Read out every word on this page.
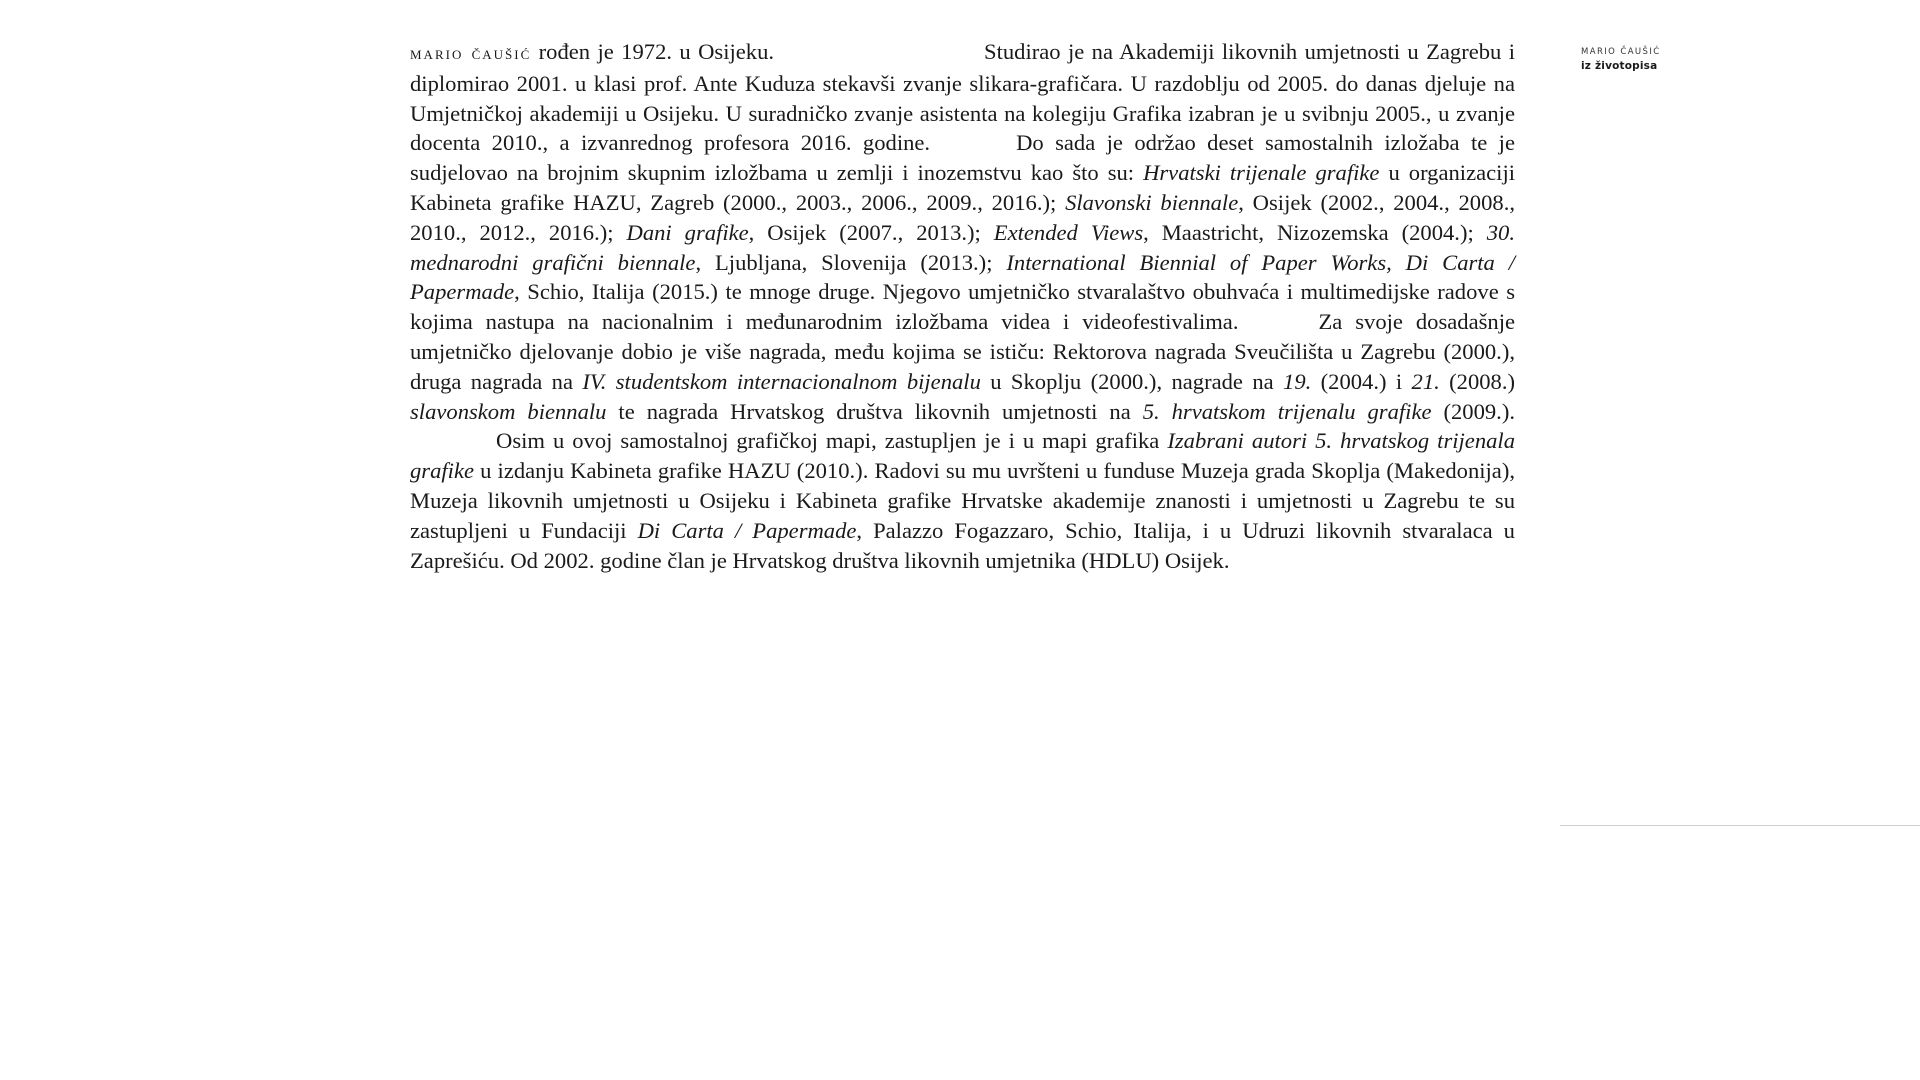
mario čaušić rođen je 1972. u Osijeku.	Studirao je na Akademiji likovnih umjetnosti u Zagrebu i diplomirao 2001. u klasi prof. Ante Kuduza stekavši zvanje slikara-grafičara. U razdoblju od 2005. do danas djeluje na Umjetničkoj akademiji u Osijeku. U suradničko zvanje asistenta na kolegiju Grafika izabran je u svibnju 2005., u zvanje docenta 2010., a izvanrednog profesora 2016. godine.	Do sada je održao deset samostalnih izložaba te je sudjelovao na brojnim skupnim izložbama u zemlji i inozemstvu kao što su: Hrvatski trijenale grafike u organizaciji Kabineta grafike HAZU, Zagreb (2000., 2003., 2006., 2009., 2016.); Slavonski biennale, Osijek (2002., 2004., 2008., 2010., 2012., 2016.); Dani grafike, Osijek (2007., 2013.); Extended Views, Maastricht, Nizozemska (2004.); 30. mednarodni grafični biennale, Ljubljana, Slovenija (2013.); International Biennial of Paper Works, Di Carta / Papermade, Schio, Italija (2015.) te mnoge druge. Njegovo umjetničko stvaralaštvo obuhvaća i multimedijske radove s kojima nastupa na nacionalnim i međunarodnim izložbama videa i videofestivalima.	Za svoje dosadašnje umjetničko djelovanje dobio je više nagrada, među kojima se ističu: Rektorova nagrada Sveučilišta u Zagrebu (2000.), druga nagrada na IV. studentskom internacionalnom bijenalu u Skoplju (2000.), nagrade na 19. (2004.) i 21. (2008.) slavonskom biennalu te nagrada Hrvatskog društva likovnih umjetnosti na 5. hrvatskom trijenalu grafike (2009.).Osim u ovoj samostalnoj grafičkoj mapi, zastupljen je i u mapi grafika Izabrani autori 5. hrvatskog trijenala grafike u izdanju Kabineta grafike HAZU (2010.). Radovi su mu uvršteni u funduse Muzeja grada Skoplja (Makedonija), Muzeja likovnih umjetnosti u Osijeku i Kabineta grafike Hrvatske akademije znanosti i umjetnosti u Zagrebu te su zastupljeni u Fundaciji Di Carta / Papermade, Palazzo Fogazzaro, Schio, Italija, i u Udruzi likovnih stvaralaca u Zaprešiću. Od 2002. godine član je Hrvatskog društva likovnih umjetnika (HDLU) Osijek.

MARIO ČAUŠIĆ
iz životopisa
